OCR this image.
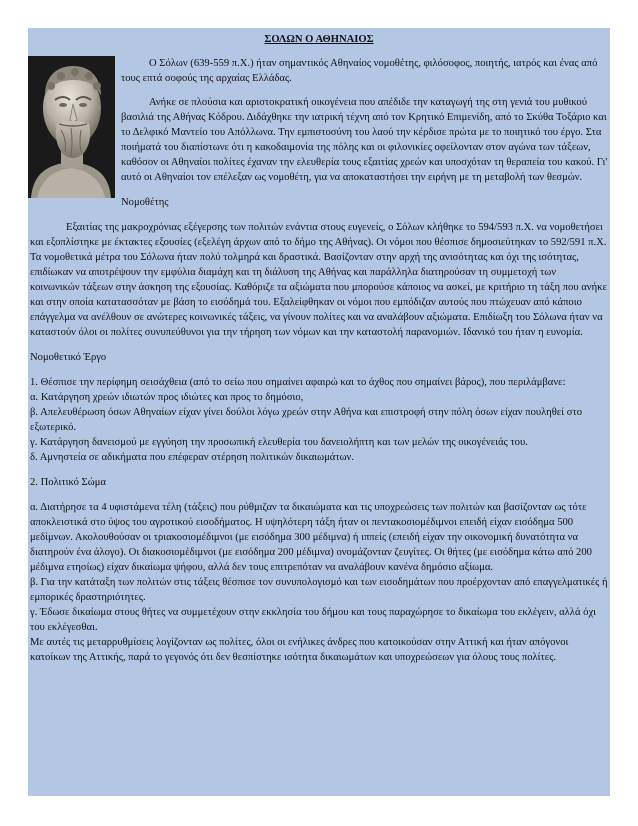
ΣΟΛΩΝ Ο ΑΘΗΝΑΙΟΣ

Ο Σόλων (639-559 π.Χ.) ήταν σημαντικός Αθηναίος νομοθέτης, φιλόσοφος, ποιητής, ιατρός και ένας από τους επτά σοφούς της αρχαίας Ελλάδας.

Ανήκε σε πλούσια και αριστοκρατική οικογένεια που απέδιδε την καταγωγή της στη γενιά του μυθικού βασιλιά της Αθήνας Κόδρου. Διδάχθηκε την ιατρική τέχνη από τον Κρητικό Επιμενίδη, από το Σκύθα Τοξάριο και το Δελφικό Μαντείο του Απόλλωνα. Την εμπιστοσύνη του λαού την κέρδισε πρώτα με το ποιητικό του έργο. Στα ποιήματά του διαπίστωνε ότι η κακοδαιμονία της πόλης και οι φιλονικίες οφείλονταν στον αγώνα των τάξεων, καθόσον οι Αθηναίοι πολίτες έχαναν την ελευθερία τους εξαιτίας χρεών και υποσχόταν τη θεραπεία του κακού. Γι' αυτό οι Αθηναίοι τον επέλεξαν ως νομοθέτη, για να αποκαταστήσει την ειρήνη με τη μεταβολή των θεσμών.

Νομοθέτης

Εξαιτίας της μακροχρόνιας εξέγερσης των πολιτών ενάντια στους ευγενείς, ο Σόλων κλήθηκε το 594/593 π.Χ. να νομοθετήσει και εξοπλίστηκε με έκτακτες εξουσίες (εξελέγη άρχων από το δήμο της Αθήνας). Οι νόμοι που θέσπισε δημοσιεύτηκαν το 592/591 π.Χ. Τα νομοθετικά μέτρα του Σόλωνα ήταν πολύ τολμηρά και δραστικά. Βασίζονταν στην αρχή της ανισότητας και όχι της ισότητας, επιδίωκαν να αποτρέψουν την εμφύλια διαμάχη και τη διάλυση της Αθήνας και παράλληλα διατηρούσαν τη συμμετοχή των κοινωνικών τάξεων στην άσκηση της εξουσίας. Καθόριζε τα αξιώματα που μπορούσε κάποιος να ασκεί, με κριτήριο τη τάξη που ανήκε και στην οποία κατατασσόταν με βάση το εισόδημά του. Εξαλείφθηκαν οι νόμοι που εμπόδιζαν αυτούς που πτώχευαν από κάποιο επάγγελμα να ανέλθουν σε ανώτερες κοινωνικές τάξεις, να γίνουν πολίτες και να αναλάβουν αξιώματα. Επιδίωξη του Σόλωνα ήταν να καταστούν όλοι οι πολίτες συνυπεύθυνοι για την τήρηση των νόμων και την καταστολή παρανομιών. Ιδανικό του ήταν η ευνομία.

Νομοθετικό Έργο

1. Θέσπισε την περίφημη σεισάχθεια (από το σείω που σημαίνει αφαιρώ και το άχθος που σημαίνει βάρος), που περιλάμβανε:

α. Κατάργηση χρεών ιδιωτών προς ιδιώτες και προς το δημόσιο,

β. Απελευθέρωση όσων Αθηναίων είχαν γίνει δούλοι λόγω χρεών στην Αθήνα και επιστροφή στην πόλη όσων είχαν πουληθεί στο εξωτερικό.

γ. Κατάργηση δανεισμού με εγγύηση την προσωπική ελευθερία του δανειολήπτη και των μελών της οικογένειάς του.

δ. Αμνηστεία σε αδικήματα που επέφεραν στέρηση πολιτικών δικαιωμάτων.

2. Πολιτικό Σώμα

α. Διατήρησε τα 4 υφιστάμενα τέλη (τάξεις) που ρύθμιζαν τα δικαιώματα και τις υποχρεώσεις των πολιτών και βασίζονταν ως τότε αποκλειστικά στο ύψος του αγροτικού εισοδήματος. Η υψηλότερη τάξη ήταν οι πεντακοσιομέδιμνοι επειδή είχαν εισόδημα 500 μεδίμνων. Ακολουθούσαν οι τριακοσιομέδιμνοι (με εισόδημα 300 μέδιμνα) ή ιππείς (επειδή είχαν την οικονομική δυνατότητα να διατηρούν ένα άλογο). Οι διακοσιομέδιμνοι (με εισόδημα 200 μέδιμνα) ονομάζονταν ζευγίτες. Οι θήτες (με εισόδημα κάτω από 200 μέδιμνα ετησίως) είχαν δικαίωμα ψήφου, αλλά δεν τους επιτρεπόταν να αναλάβουν κανένα δημόσιο αξίωμα.

β. Για την κατάταξη των πολιτών στις τάξεις θέσπισε τον συνυπολογισμό και των εισοδημάτων που προέρχονταν από επαγγελματικές ή εμπορικές δραστηριότητες.

γ. Έδωσε δικαίωμα στους θήτες να συμμετέχουν στην εκκλησία του δήμου και τους παραχώρησε το δικαίωμα του εκλέγειν, αλλά όχι του εκλέγεσθαι.

Με αυτές τις μεταρρυθμίσεις λογίζονταν ως πολίτες, όλοι οι ενήλικες άνδρες που κατοικούσαν στην Αττική και ήταν απόγονοι κατοίκων της Αττικής, παρά το γεγονός ότι δεν θεσπίστηκε ισότητα δικαιωμάτων και υποχρεώσεων για όλους τους πολίτες.
